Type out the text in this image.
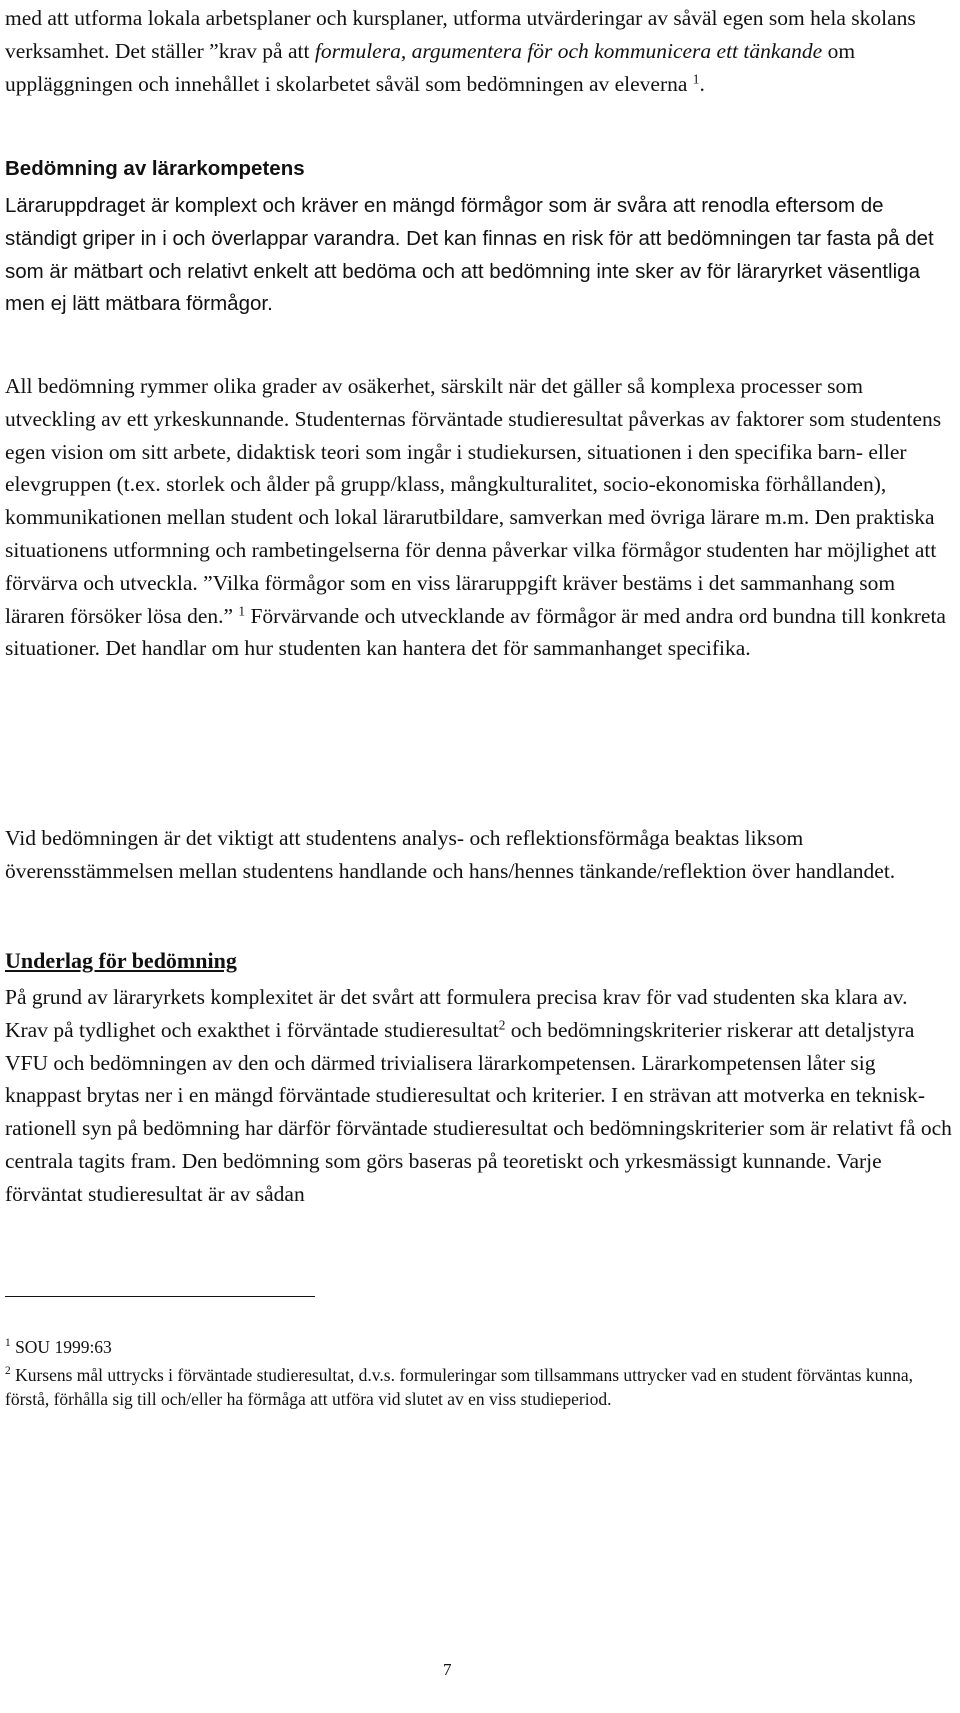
med att utforma lokala arbetsplaner och kursplaner, utforma utvärderingar av såväl egen som hela skolans verksamhet. Det ställer ”krav på att formulera, argumentera för och kommunicera ett tänkande om uppläggningen och innehållet i skolarbetet såväl som bedömningen av eleverna $^1$.

Bedömning av lärarkompetens

Läraruppdraget är komplext och kräver en mängd förmågor som är svåra att renodla eftersom de ständigt griper in i och överlappar varandra. Det kan finnas en risk för att bedömningen tar fasta på det som är mätbart och relativt enkelt att bedöma och att bedömning inte sker av för läraryrket väsentliga men ej lätt mätbara förmågor.

All bedömning rymmer olika grader av osäkerhet, särskilt när det gäller så komplexa processer som utveckling av ett yrkeskunnande. Studenternas förväntade studieresultat påverkas av faktorer som studentens egen vision om sitt arbete, didaktisk teori som ingår i studiekursen, situationen i den specifika barn- eller elevgruppen (t.ex. storlek och ålder på grupp/klass, mångkulturalitet, socio-ekonomiska förhållanden), kommunikationen mellan student och lokal lärarutbildare, samverkan med övriga lärare m.m. Den praktiska situationens utformning och rambetingelserna för denna påverkar vilka förmågor studenten har möjlighet att förvärva och utveckla. ”Vilka förmågor som en viss läraruppgift kräver bestäms i det sammanhang som läraren försöker lösa den.” $^1$ Förvärvande och utvecklande av förmågor är med andra ord bundna till konkreta situationer. Det handlar om hur studenten kan hantera det för sammanhanget specifika.

Vid bedömningen är det viktigt att studentens analys- och reflektionsförmåga beaktas liksom överensstämmelsen mellan studentens handlande och hans/hennes tänkande/reflektion över handlandet.

Underlag för bedömning

På grund av läraryrkets komplexitet är det svårt att formulera precisa krav för vad studenten ska klara av. Krav på tydlighet och exakthet i förväntade studieresultat$^2$ och bedömningskriterier riskerar att detaljstyra VFU och bedömningen av den och därmed trivialisera lärarkompetensen. Lärarkompetensen låter sig knappast brytas ner i en mängd förväntade studieresultat och kriterier. I en strävan att motverka en teknisk-rationell syn på bedömning har därför förväntade studieresultat och bedömningskriterier som är relativt få och centrala tagits fram. Den bedömning som görs baseras på teoretiskt och yrkesmässigt kunnande. Varje förväntat studieresultat är av sådan

$^1$ SOU 1999:63

$^2$ Kursens mål uttrycks i förväntade studieresultat, d.v.s. formuleringar som tillsammans uttrycker vad en student förväntas kunna, förstå, förhålla sig till och/eller ha förmåga att utföra vid slutet av en viss studieperiod.

7
